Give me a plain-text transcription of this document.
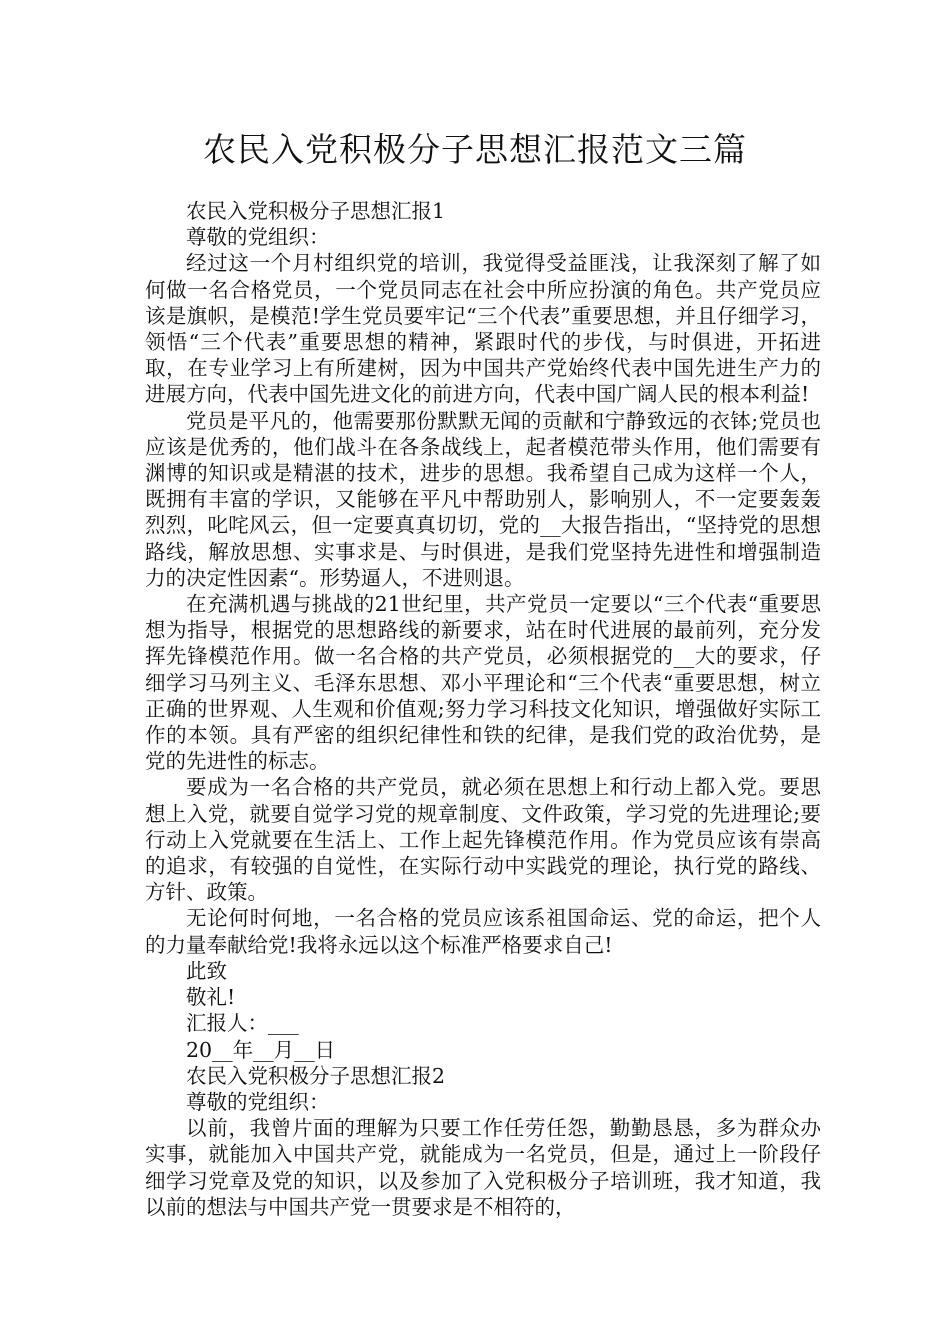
农民入党积极分子思想汇报范文三篇

农民入党积极分子思想汇报1

尊敬的党组织：

经过这一个月村组织党的培训，我觉得受益匪浅，让我深刻了解了如何做一名合格党员，一个党员同志在社会中所应扮演的角色。共产党员应该是旗帜，是模范!学生党员要牢记“三个代表”重要思想，并且仔细学习，领悟“三个代表”重要思想的精神，紧跟时代的步伐，与时俱进，开拓进取，在专业学习上有所建树，因为中国共产党始终代表中国先进生产力的进展方向，代表中国先进文化的前进方向，代表中国广阔人民的根本利益!

党员是平凡的，他需要那份默默无闻的贡献和宁静致远的衣钵;党员也应该是优秀的，他们战斗在各条战线上，起者模范带头作用，他们需要有渊博的知识或是精湛的技术，进步的思想。我希望自己成为这样一个人，既拥有丰富的学识，又能够在平凡中帮助别人，影响别人，不一定要轰轰烈烈，叱咤风云，但一定要真真切切，党的__大报告指出，“坚持党的思想路线，解放思想、实事求是、与时俱进，是我们党坚持先进性和增强制造力的决定性因素“。形势逼人，不进则退。

在充满机遇与挑战的21世纪里，共产党员一定要以“三个代表“重要思想为指导，根据党的思想路线的新要求，站在时代进展的最前列，充分发挥先锋模范作用。做一名合格的共产党员，必须根据党的__大的要求，仔细学习马列主义、毛泽东思想、邓小平理论和“三个代表“重要思想，树立正确的世界观、人生观和价值观;努力学习科技文化知识，增强做好实际工作的本领。具有严密的组织纪律性和铁的纪律，是我们党的政治优势，是党的先进性的标志。

要成为一名合格的共产党员，就必须在思想上和行动上都入党。要思想上入党，就要自觉学习党的规章制度、文件政策，学习党的先进理论;要行动上入党就要在生活上、工作上起先锋模范作用。作为党员应该有崇高的追求，有较强的自觉性，在实际行动中实践党的理论，执行党的路线、方针、政策。

无论何时何地，一名合格的党员应该系祖国命运、党的命运，把个人的力量奉献给党!我将永远以这个标准严格要求自己!

此致

敬礼!

汇报人：___

20__年__月__日

农民入党积极分子思想汇报2

尊敬的党组织：

以前，我曾片面的理解为只要工作任劳任怨，勤勤恳恳，多为群众办实事，就能加入中国共产党，就能成为一名党员，但是，通过上一阶段仔细学习党章及党的知识，以及参加了入党积极分子培训班，我才知道，我以前的想法与中国共产党一贯要求是不相符的，
